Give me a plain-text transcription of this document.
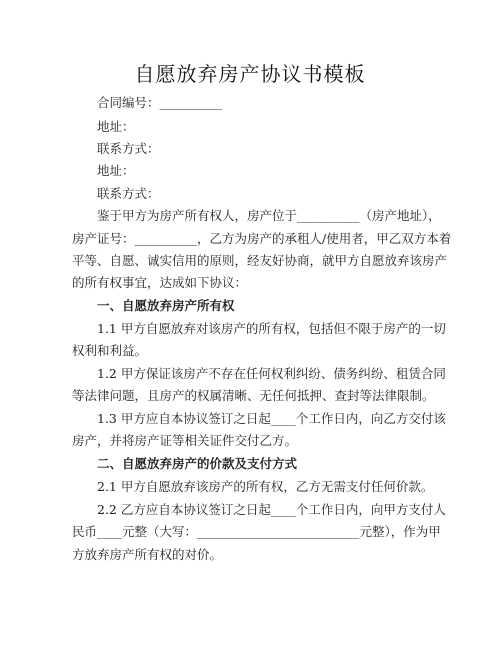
自愿放弃房产协议书模板
合同编号：__________
地址：
联系方式：
地址：
联系方式：
鉴于甲方为房产所有权人，房产位于__________（房产地址），
房产证号：__________，乙方为房产的承租人/使用者，甲乙双方本着
平等、自愿、诚实信用的原则，经友好协商，就甲方自愿放弃该房产
的所有权事宜，达成如下协议：
一、自愿放弃房产所有权
1.1 甲方自愿放弃对该房产的所有权，包括但不限于房产的一切
权利和利益。
1.2 甲方保证该房产不存在任何权利纠纷、债务纠纷、租赁合同
等法律问题，且房产的权属清晰、无任何抵押、查封等法律限制。
1.3 甲方应自本协议签订之日起____个工作日内，向乙方交付该
房产，并将房产证等相关证件交付乙方。
二、自愿放弃房产的价款及支付方式
2.1 甲方自愿放弃该房产的所有权，乙方无需支付任何价款。
2.2 乙方应自本协议签订之日起____个工作日内，向甲方支付人
民币____元整（大写：__________________________元整），作为甲
方放弃房产所有权的对价。
